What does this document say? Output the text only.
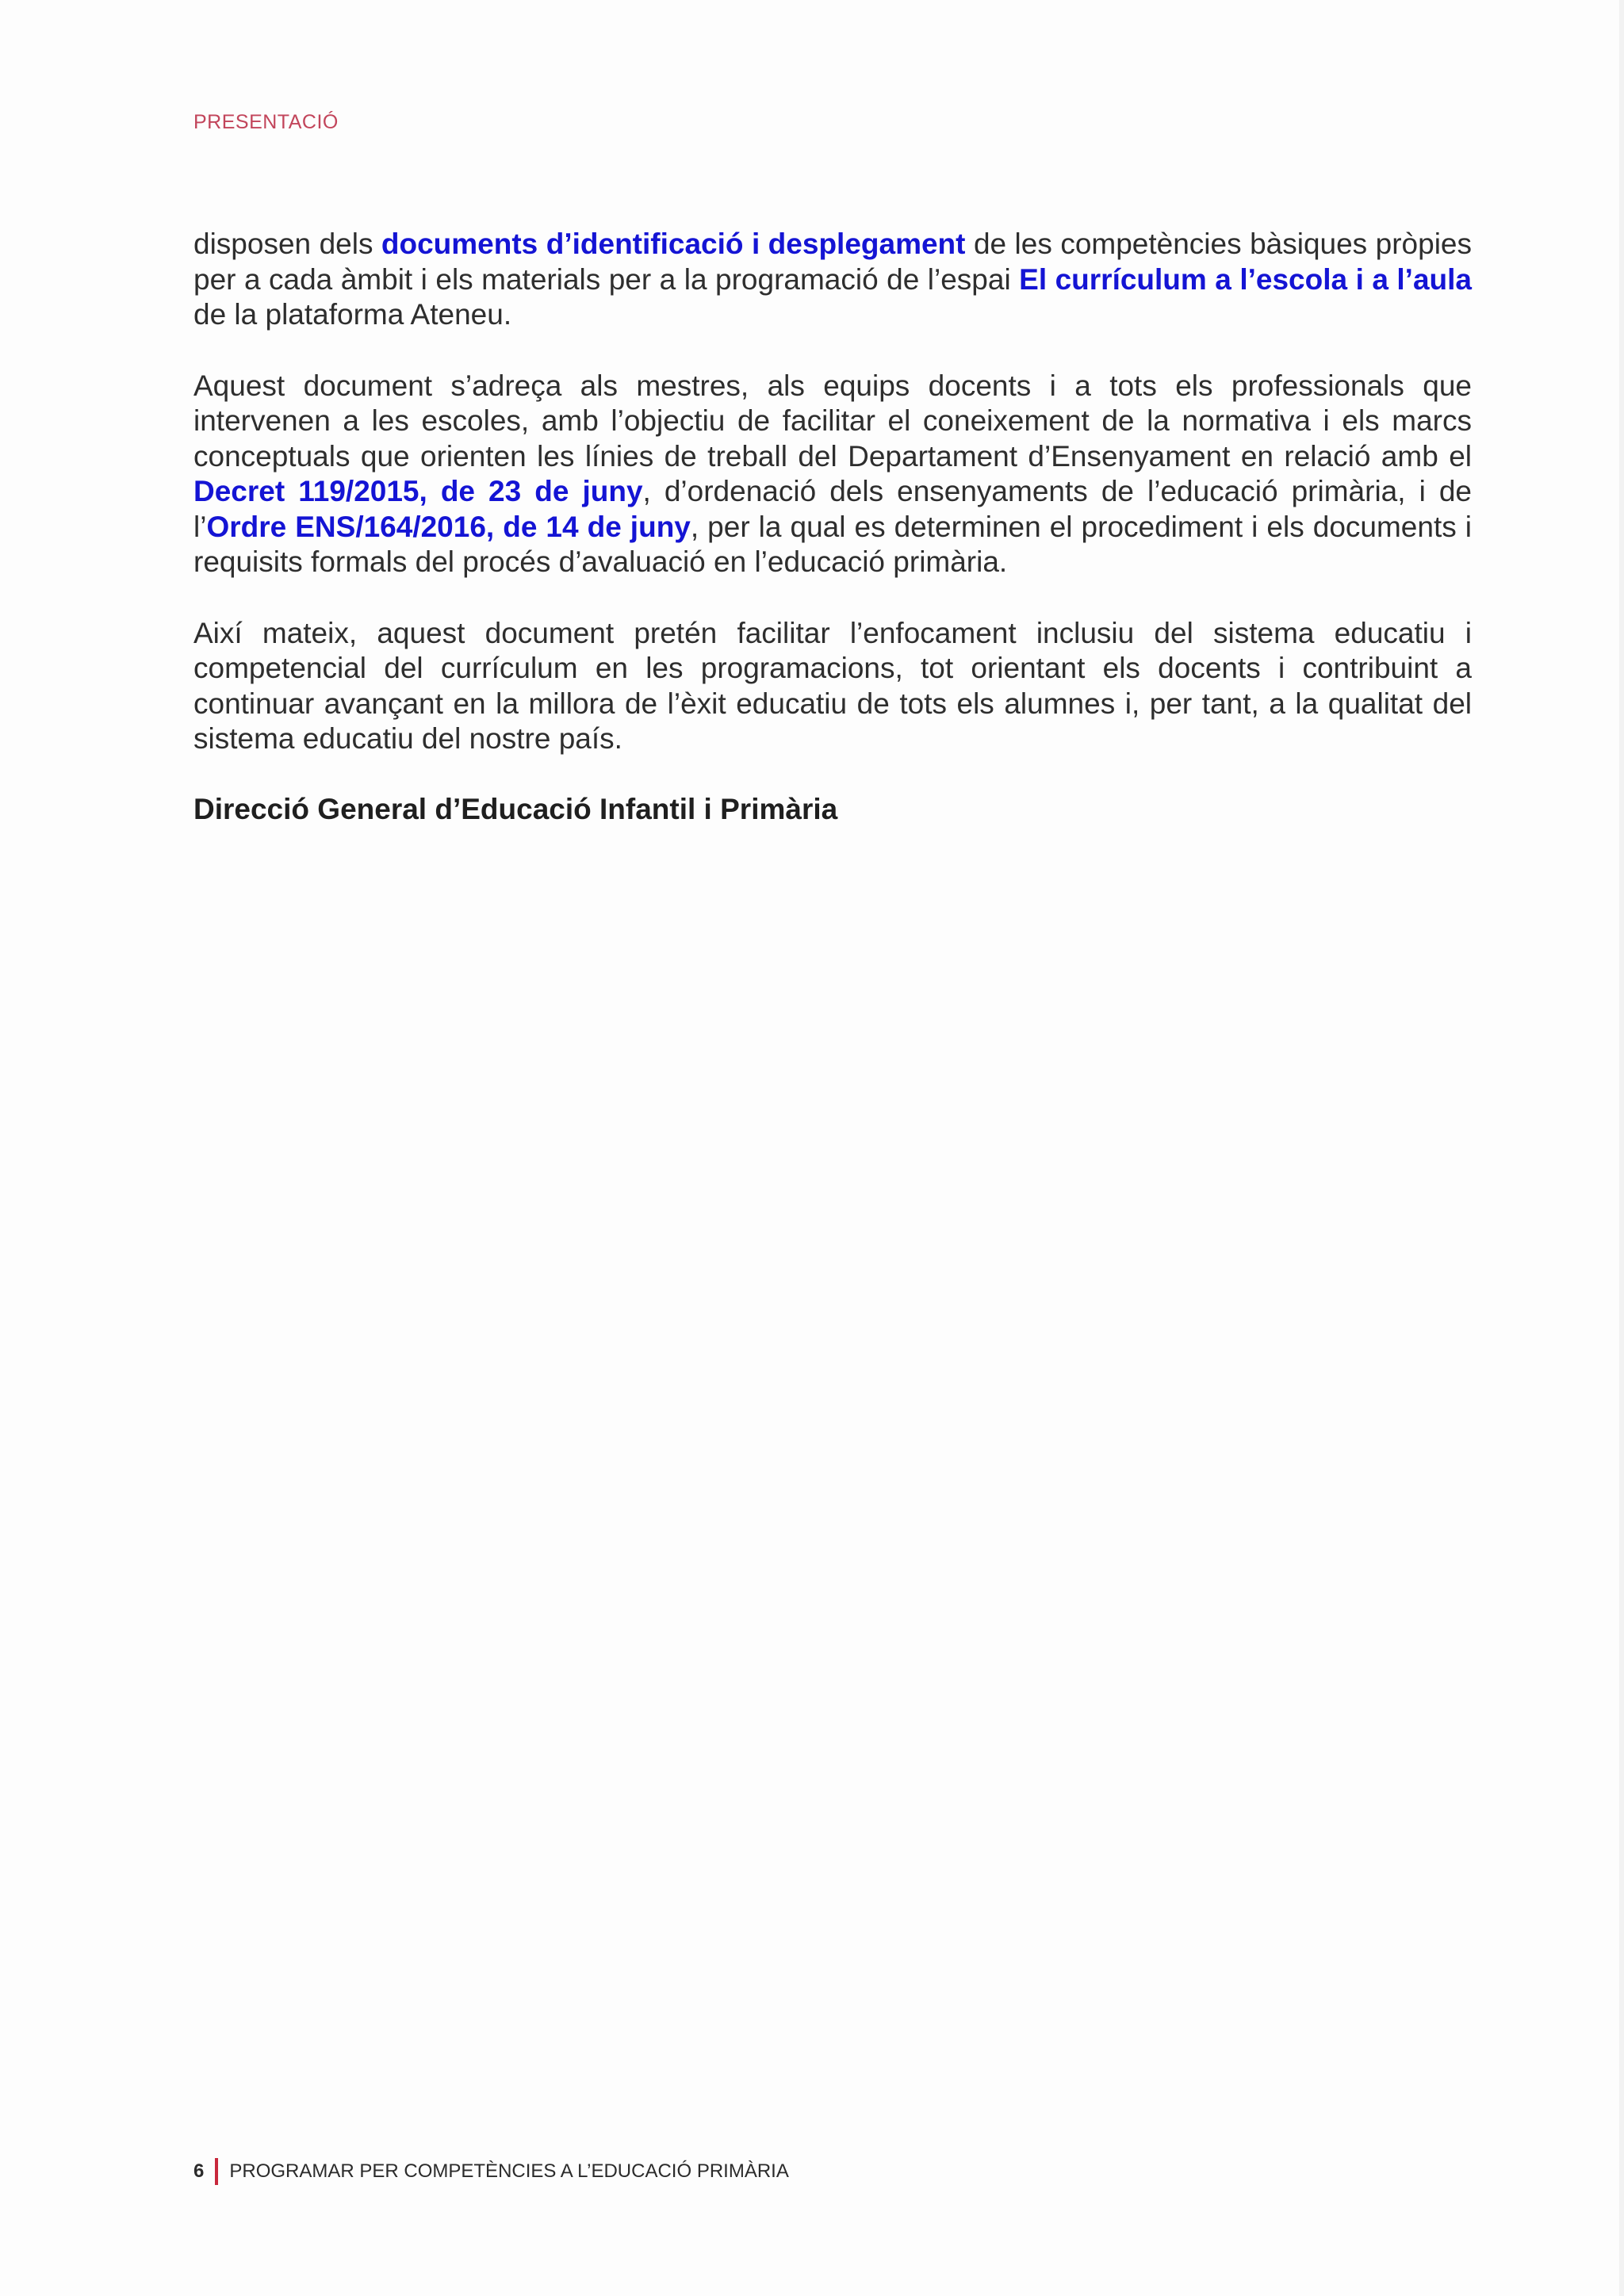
PRESENTACIÓ

disposen dels documents d’identificació i desplegament de les competències bàsiques pròpies per a cada àmbit i els materials per a la programació de l’espai El currículum a l’escola i a l’aula de la plataforma Ateneu.

Aquest document s’adreça als mestres, als equips docents i a tots els professionals que intervenen a les escoles, amb l’objectiu de facilitar el coneixement de la normativa i els marcs conceptuals que orienten les línies de treball del Departament d’Ensenyament en relació amb el Decret 119/2015, de 23 de juny, d’ordenació dels ensenyaments de l’educació primària, i de l’Ordre ENS/164/2016, de 14 de juny, per la qual es determinen el procediment i els documents i requisits formals del procés d’avaluació en l’educació primària.

Així mateix, aquest document pretén facilitar l’enfocament inclusiu del sistema educatiu i competencial del currículum en les programacions, tot orientant els docents i contribuint a continuar avançant en la millora de l’èxit educatiu de tots els alumnes i, per tant, a la qualitat del sistema educatiu del nostre país.

Direcció General d’Educació Infantil i Primària
6 PROGRAMAR PER COMPETÈNCIES A L’EDUCACIÓ PRIMÀRIA
